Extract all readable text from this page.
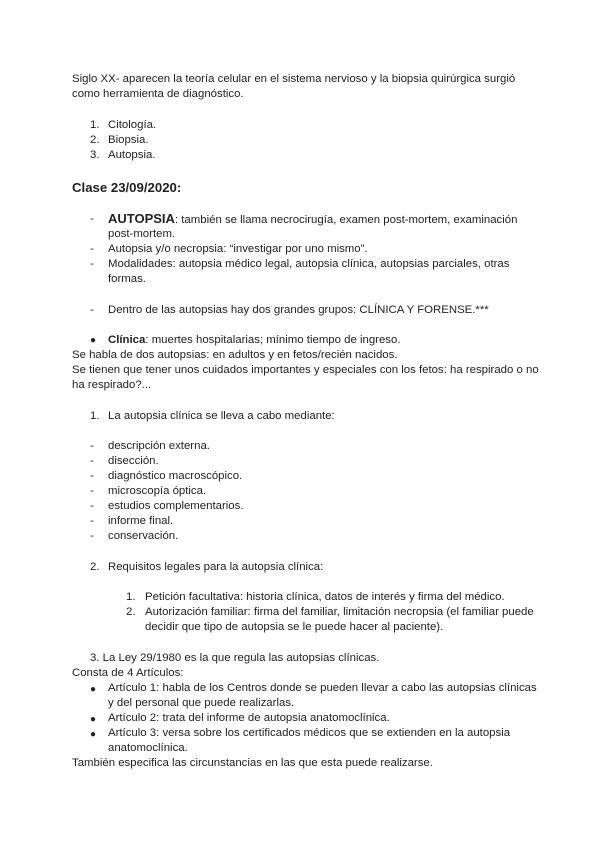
Siglo XX- aparecen la teoría celular en el sistema nervioso y la biopsia quirúrgica surgió
como herramienta de diagnóstico.
1. Citología.
2. Biopsia.
3. Autopsia.
Clase 23/09/2020:
- AUTOPSIA: también se llama necrocirugía, examen post-mortem, examinación
post-mortem.
- Autopsia y/o necropsia: “investigar por uno mismo”.
- Modalidades: autopsia médico legal, autopsia clínica, autopsias parciales, otras
formas.
- Dentro de las autopsias hay dos grandes grupos: CLÍNICA Y FORENSE.***
● Clínica: muertes hospitalarias; mínimo tiempo de ingreso.
Se habla de dos autopsias: en adultos y en fetos/recién nacidos.
Se tienen que tener unos cuidados importantes y especiales con los fetos: ha respirado o no
ha respirado?...
1. La autopsia clínica se lleva a cabo mediante:
- descripción externa.
- disección.
- diagnóstico macroscópico.
- microscopía óptica.
- estudios complementarios.
- informe final.
- conservación.
2. Requisitos legales para la autopsia clínica:
1. Petición facultativa: historia clínica, datos de interés y firma del médico.
2. Autorización familiar: firma del familiar, limitación necropsia (el familiar puede
decidir que tipo de autopsia se le puede hacer al paciente).
3. La Ley 29/1980 es la que regula las autopsias clínicas.
Consta de 4 Artículos:
● Artículo 1: habla de los Centros donde se pueden llevar a cabo las autopsias clínicas
y del personal que puede realizarlas.
● Artículo 2: trata del informe de autopsia anatomoclínica.
● Artículo 3: versa sobre los certificados médicos que se extienden en la autopsia
anatomoclínica.
También especifica las circunstancias en las que esta puede realizarse.
